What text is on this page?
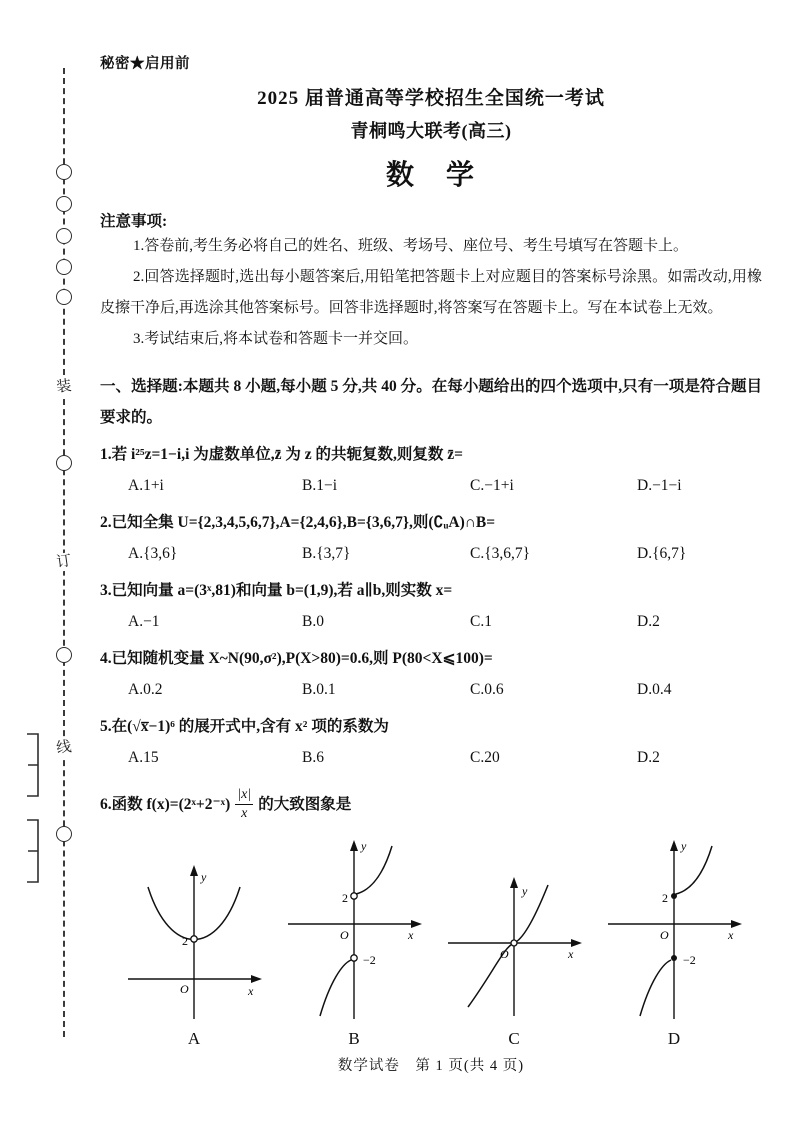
装
订
线
秘密★启用前
2025 届普通高等学校招生全国统一考试
青桐鸣大联考(高三)
数　学
注意事项:

1.答卷前,考生务必将自己的姓名、班级、考场号、座位号、考生号填写在答题卡上。

2.回答选择题时,选出每小题答案后,用铅笔把答题卡上对应题目的答案标号涂黑。如需改动,用橡皮擦干净后,再选涂其他答案标号。回答非选择题时,将答案写在答题卡上。写在本试卷上无效。

3.考试结束后,将本试卷和答题卡一并交回。

一、选择题:本题共 8 小题,每小题 5 分,共 40 分。在每小题给出的四个选项中,只有一项是符合题目要求的。
1.若 i²⁵z=1−i,i 为虚数单位,z̄ 为 z 的共轭复数,则复数 z̄=
A.1+i	B.1−i	C.−1+i	D.−1−i
2.已知全集 U={2,3,4,5,6,7},A={2,4,6},B={3,6,7},则(∁ᵤA)∩B=
A.{3,6}	B.{3,7}	C.{3,6,7}	D.{6,7}
3.已知向量 a=(3ˣ,81)和向量 b=(1,9),若 a∥b,则实数 x=
A.−1	B.0	C.1	D.2
4.已知随机变量 X~N(90,σ²),P(X>80)=0.6,则 P(80<X⩽100)=
A.0.2	B.0.1	C.0.6	D.0.4
5.在(√x̅−1)⁶ 的展开式中,含有 x² 项的系数为
A.15	B.6	C.20	D.2
6.函数 f(x)=(2ˣ+2⁻ˣ) $\frac{|x|}{x}$ 的大致图象是
y
x
O
2
A
y
x
O
2
−2
B
y
x
O
C
y
x
O
2
−2
D
数学试卷　第 1 页(共 4 页)
